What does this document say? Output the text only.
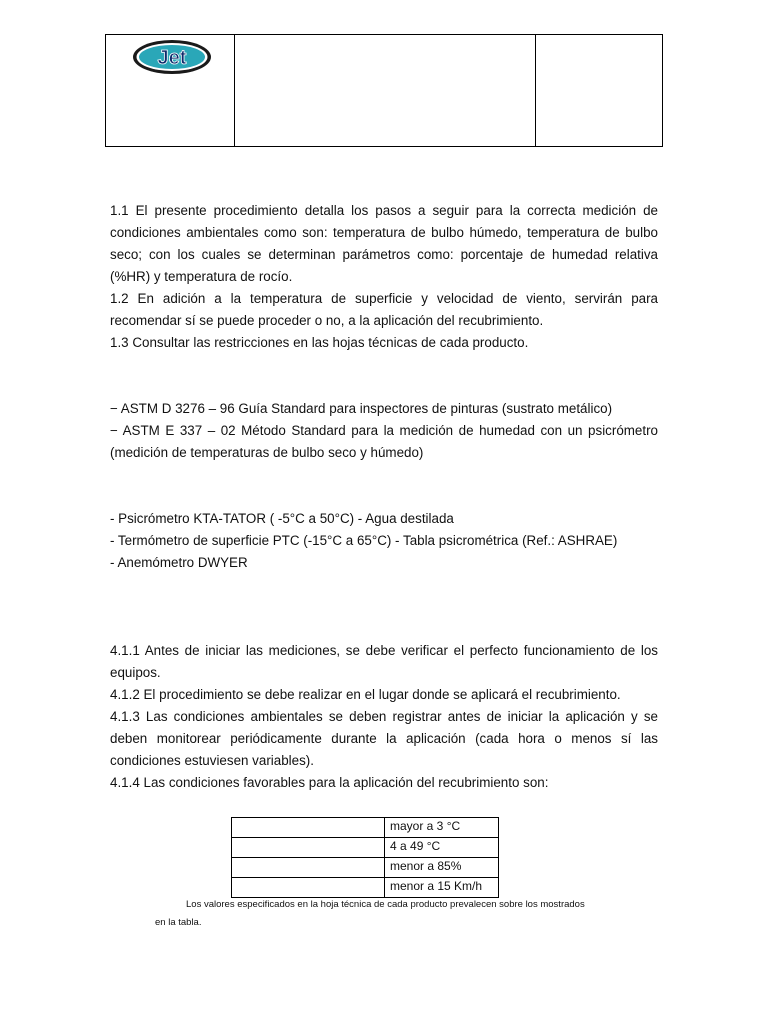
Jet

1.1 El presente procedimiento detalla los pasos a seguir para la correcta medición de condiciones ambientales como son: temperatura de bulbo húmedo, temperatura de bulbo seco; con los cuales se determinan parámetros como: porcentaje de humedad relativa (%HR) y temperatura de rocío.

1.2 En adición a la temperatura de superficie y velocidad de viento, servirán para recomendar sí se puede proceder o no, a la aplicación del recubrimiento.

1.3 Consultar las restricciones en las hojas técnicas de cada producto.

− ASTM D 3276 – 96 Guía Standard para inspectores de pinturas (sustrato metálico)

− ASTM E 337 – 02 Método Standard para la medición de humedad con un psicrómetro (medición de temperaturas de bulbo seco y húmedo)

- Psicrómetro KTA-TATOR ( -5°C a 50°C) - Agua destilada

- Termómetro de superficie PTC (-15°C a 65°C) - Tabla psicrométrica (Ref.: ASHRAE)

- Anemómetro DWYER

4.1.1 Antes de iniciar las mediciones, se debe verificar el perfecto funcionamiento de los equipos.

4.1.2 El procedimiento se debe realizar en el lugar donde se aplicará el recubrimiento.

4.1.3 Las condiciones ambientales se deben registrar antes de iniciar la aplicación y se deben monitorear periódicamente durante la aplicación (cada hora o menos sí las condiciones estuviesen variables).

4.1.4 Las condiciones favorables para la aplicación del recubrimiento son:

	mayor a 3 °C
	4 a 49 °C
	menor a 85%
	menor a 15 Km/h

Los valores especificados en la hoja técnica de cada producto prevalecen sobre los mostrados

en la tabla.
